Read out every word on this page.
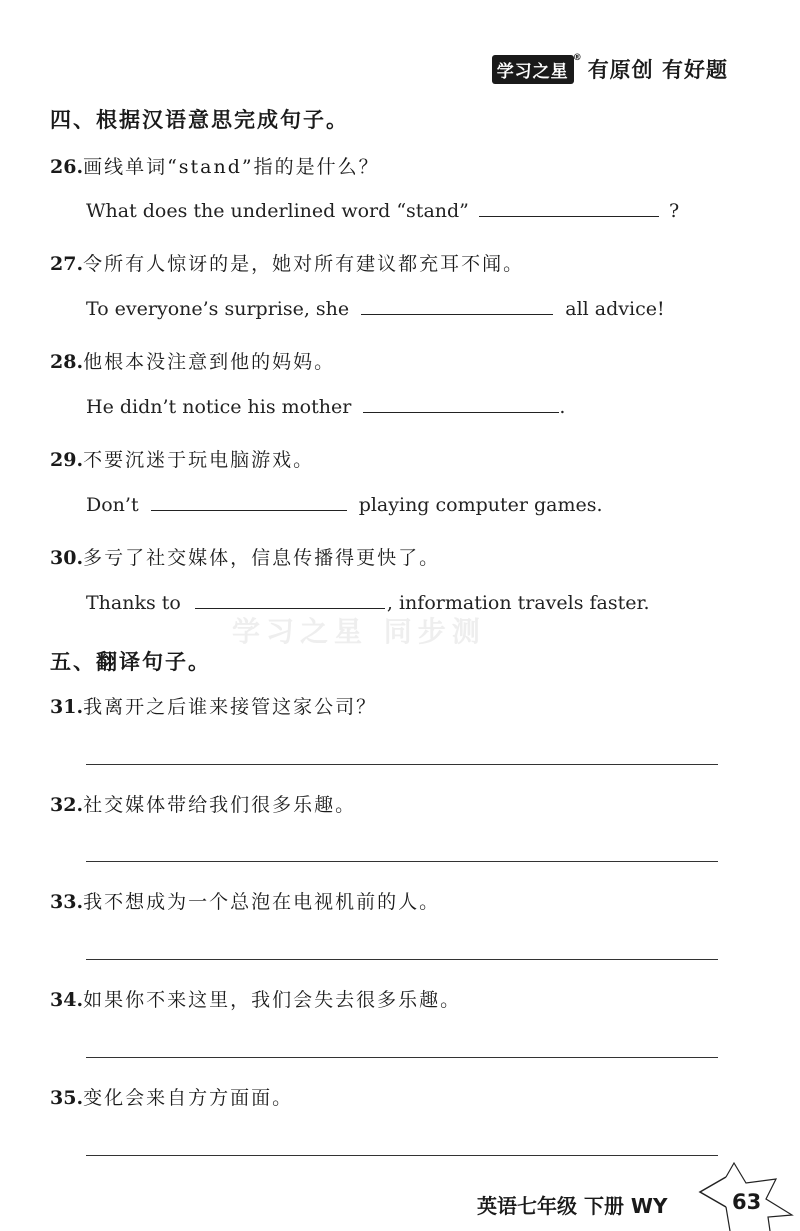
学习之星
®
有原创 有好题
四、根据汉语意思完成句子。
26.画线单词“stand”指的是什么？
What does the underlined word “stand”	?
27.令所有人惊讶的是，她对所有建议都充耳不闻。
To everyone’s surprise, she	all advice!
28.他根本没注意到他的妈妈。
He didn’t notice his mother	.
29.不要沉迷于玩电脑游戏。
Don’t	playing computer games.
30.多亏了社交媒体，信息传播得更快了。
Thanks to	, information travels faster.
学习之星 同步测
五、翻译句子。
31.我离开之后谁来接管这家公司？
32.社交媒体带给我们很多乐趣。
33.我不想成为一个总泡在电视机前的人。
34.如果你不来这里，我们会失去很多乐趣。
35.变化会来自方方面面。
英语七年级 下册 WY	63
